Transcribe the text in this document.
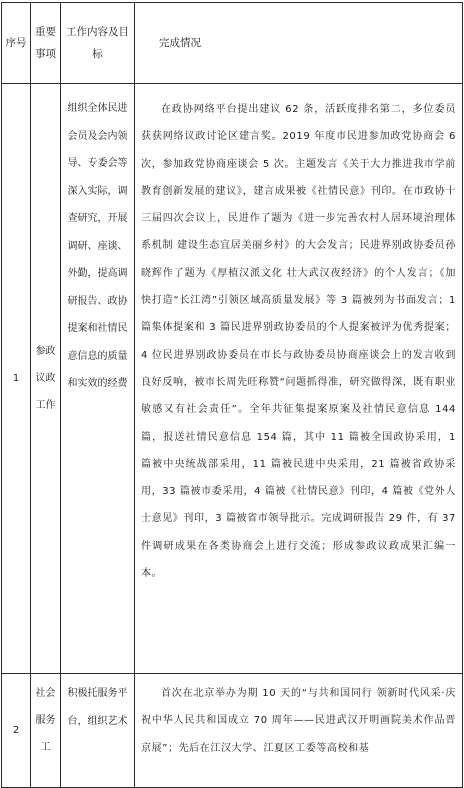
序号	重要事项	工作内容及目标	完成情况
1	参政议政工作	组织全体民进会员及会内领导、专委会等深入实际，调查研究，开展调研、座谈、外勤，提高调研报告、政协提案和社情民意信息的质量和实效的经费	在政协网络平台提出建议 62 条，活跃度排名第二，多位委员获获网络议政讨论区建言奖。2019 年度市民进参加政党协商会 6 次，参加政党协商座谈会 5 次。主题发言《关于大力推进我市学前教育创新发展的建议》，建言成果被《社情民意》刊印。在市政协十三届四次会议上，民进作了题为《进一步完善农村人居环境治理体系机制 建设生态宜居美丽乡村》的大会发言；民进界别政协委员孙晓辉作了题为《厚植汉派文化 壮大武汉夜经济》的个人发言；《加快打造“长江湾”引领区域高质量发展》等 3 篇被列为书面发言；1 篇集体提案和 3 篇民进界别政协委员的个人提案被评为优秀提案；4 位民进界别政协委员在市长与政协委员协商座谈会上的发言收到良好反响，被市长周先旺称赞“问题抓得准，研究做得深，既有职业敏感又有社会责任”。全年共征集提案原案及社情民意信息 144 篇，报送社情民意信息 154 篇，其中 11 篇被全国政协采用，1 篇被中央统战部采用，11 篇被民进中央采用，21 篇被省政协采用，33 篇被市委采用，4 篇被《社情民意》刊印，4 篇被《党外人士意见》刊印，3 篇被省市领导批示。完成调研报告 29 件，有 37 件调研成果在各类协商会上进行交流；形成参政议政成果汇编一本。
2	社会服务工	积极托服务平台，组织艺术	首次在北京举办为期 10 天的“与共和国同行 领新时代风采·庆祝中华人民共和国成立 70 周年——民进武汉开明画院美术作品晋京展”；先后在江汉大学、江夏区工委等高校和基
